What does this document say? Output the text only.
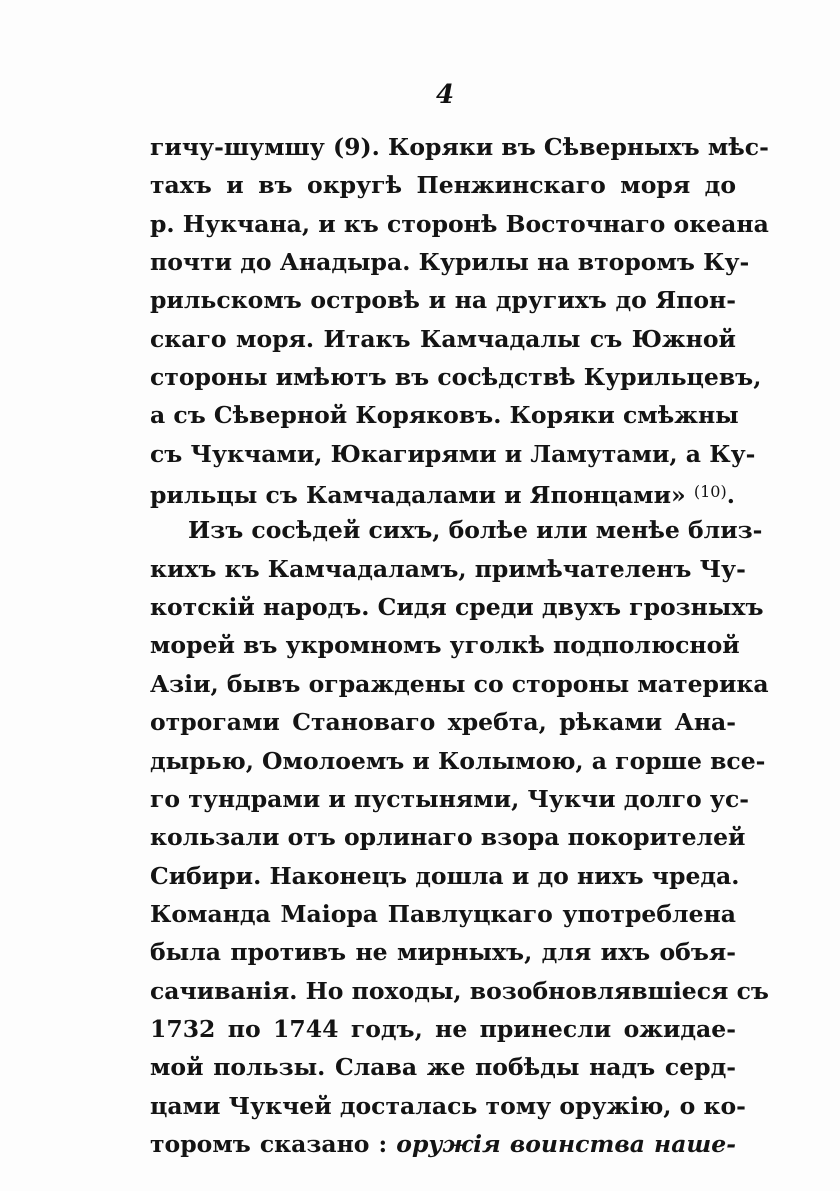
4
гичу-шумшу (9). Коряки въ Сѣверныхъ мѣс-
тахъ и въ округѣ Пенжинскаго моря до
р. Нукчана, и къ сторонѣ Восточнаго океана
почти до Анадыра. Курилы на второмъ Ку-
рильскомъ островѣ и на другихъ до Япон-
скаго моря. Итакъ Камчадалы съ Южной
стороны имѣютъ въ сосѣдствѣ Курильцевъ,
а съ Сѣверной Коряковъ. Коряки смѣжны
съ Чукчами, Юкагирями и Ламутами, а Ку-
рильцы съ Камчадалами и Японцами» $^{(10)}$.
Изъ сосѣдей сихъ, болѣе или менѣе близ-
кихъ къ Камчадаламъ, примѣчателенъ Чу-
котскій народъ. Сидя среди двухъ грозныхъ
морей въ укромномъ уголкѣ подполюсной
Азіи, бывъ ограждены со стороны материка
отрогами Становаго хребта, рѣками Ана-
дырью, Омолоемъ и Колымою, а горше все-
го тундрами и пустынями, Чукчи долго ус-
кользали отъ орлинаго взора покорителей
Сибири. Наконецъ дошла и до нихъ чреда.
Команда Маіора Павлуцкаго употреблена
была противъ не мирныхъ, для ихъ объя-
сачиванія. Но походы, возобновлявшіеся съ
1732 по 1744 годъ, не принесли ожидае-
мой пользы. Слава же побѣды надъ серд-
цами Чукчей досталась тому оружію, о ко-
торомъ сказано : оружія воинства наше-
